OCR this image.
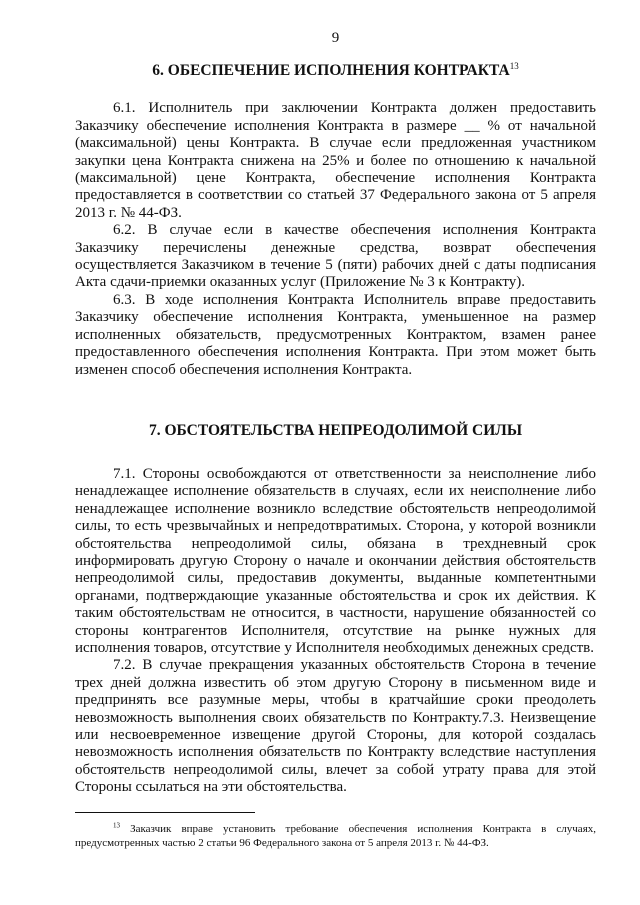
9
6. ОБЕСПЕЧЕНИЕ ИСПОЛНЕНИЯ КОНТРАКТА$^{13}$

6.1. Исполнитель при заключении Контракта должен предоставить Заказчику обеспечение исполнения Контракта в размере __ % от начальной (максимальной) цены Контракта. В случае если предложенная участником закупки цена Контракта снижена на 25% и более по отношению к начальной (максимальной) цене Контракта, обеспечение исполнения Контракта предоставляется в соответствии со статьей 37 Федерального закона от 5 апреля 2013 г. № 44-ФЗ.

6.2. В случае если в качестве обеспечения исполнения Контракта Заказчику перечислены денежные средства, возврат обеспечения осуществляется Заказчиком в течение 5 (пяти) рабочих дней с даты подписания Акта сдачи-приемки оказанных услуг (Приложение № 3 к Контракту).

6.3. В ходе исполнения Контракта Исполнитель вправе предоставить Заказчику обеспечение исполнения Контракта, уменьшенное на размер исполненных обязательств, предусмотренных Контрактом, взамен ранее предоставленного обеспечения исполнения Контракта. При этом может быть изменен способ обеспечения исполнения Контракта.

7. ОБСТОЯТЕЛЬСТВА НЕПРЕОДОЛИМОЙ СИЛЫ

7.1. Стороны освобождаются от ответственности за неисполнение либо ненадлежащее исполнение обязательств в случаях, если их неисполнение либо ненадлежащее исполнение возникло вследствие обстоятельств непреодолимой силы, то есть чрезвычайных и непредотвратимых. Сторона, у которой возникли обстоятельства непреодолимой силы, обязана в трехдневный срок информировать другую Сторону о начале и окончании действия обстоятельств непреодолимой силы, предоставив документы, выданные компетентными органами, подтверждающие указанные обстоятельства и срок их действия. К таким обстоятельствам не относится, в частности, нарушение обязанностей со стороны контрагентов Исполнителя, отсутствие на рынке нужных для исполнения товаров, отсутствие у Исполнителя необходимых денежных средств.

7.2. В случае прекращения указанных обстоятельств Сторона в течение трех дней должна известить об этом другую Сторону в письменном виде и предпринять все разумные меры, чтобы в кратчайшие сроки преодолеть невозможность выполнения своих обязательств по Контракту.7.3. Неизвещение или несвоевременное извещение другой Стороны, для которой создалась невозможность исполнения обязательств по Контракту вследствие наступления обстоятельств непреодолимой силы, влечет за собой утрату права для этой Стороны ссылаться на эти обстоятельства.

$^{13}$ Заказчик вправе установить требование обеспечения исполнения Контракта в случаях, предусмотренных частью 2 статьи 96 Федерального закона от 5 апреля 2013 г. № 44-ФЗ.
